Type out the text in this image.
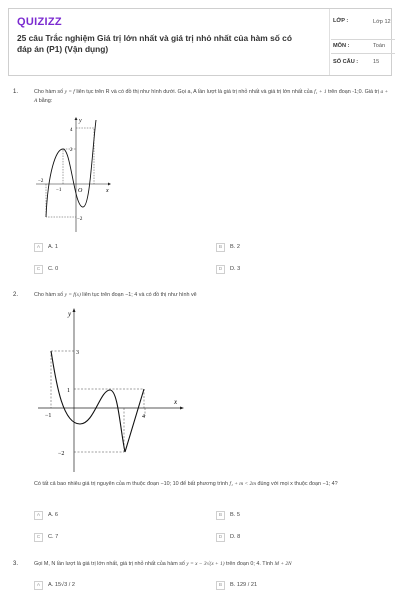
QUIZIZZ
25 câu Trắc nghiệm Giá trị lớn nhất và giá trị nhỏ nhất của hàm số có đáp án (P1) (Vận dụng)
LỚP :	Lớp 12
MÔN :	Toán
SỐ CÂU :	15
1.	Cho hàm số y = f liên tục trên R và có đồ thị như hình dưới. Gọi a, A lần lượt là giá trị nhỏ nhất và giá trị lớn nhất của f₁ + 1 trên đoạn -1;0. Giá trị a + A bằng:
y
x
O
4
2
−2
−1
−2
A	A. 1	B	B. 2
C	C. 0	D	D. 3
2.	Cho hàm số y = f(x) liên tục trên đoạn −1; 4 và có đồ thị như hình vẽ
y
x
3
1
−1
−2
4
Có tất cả bao nhiêu giá trị nguyên của m thuộc đoạn −10; 10 để bất phương trình f₁ + m < 2m đúng với mọi x thuộc đoạn −1; 4?
A	A. 6	B	B. 5
C	C. 7	D	D. 8
3.	Gọi M, N lần lượt là giá trị lớn nhất, giá trị nhỏ nhất của hàm số y = x − 3√(x + 1) trên đoạn 0; 4. Tính M + 2N
A	A. 15√3 / 2	B	B. 129 / 21
